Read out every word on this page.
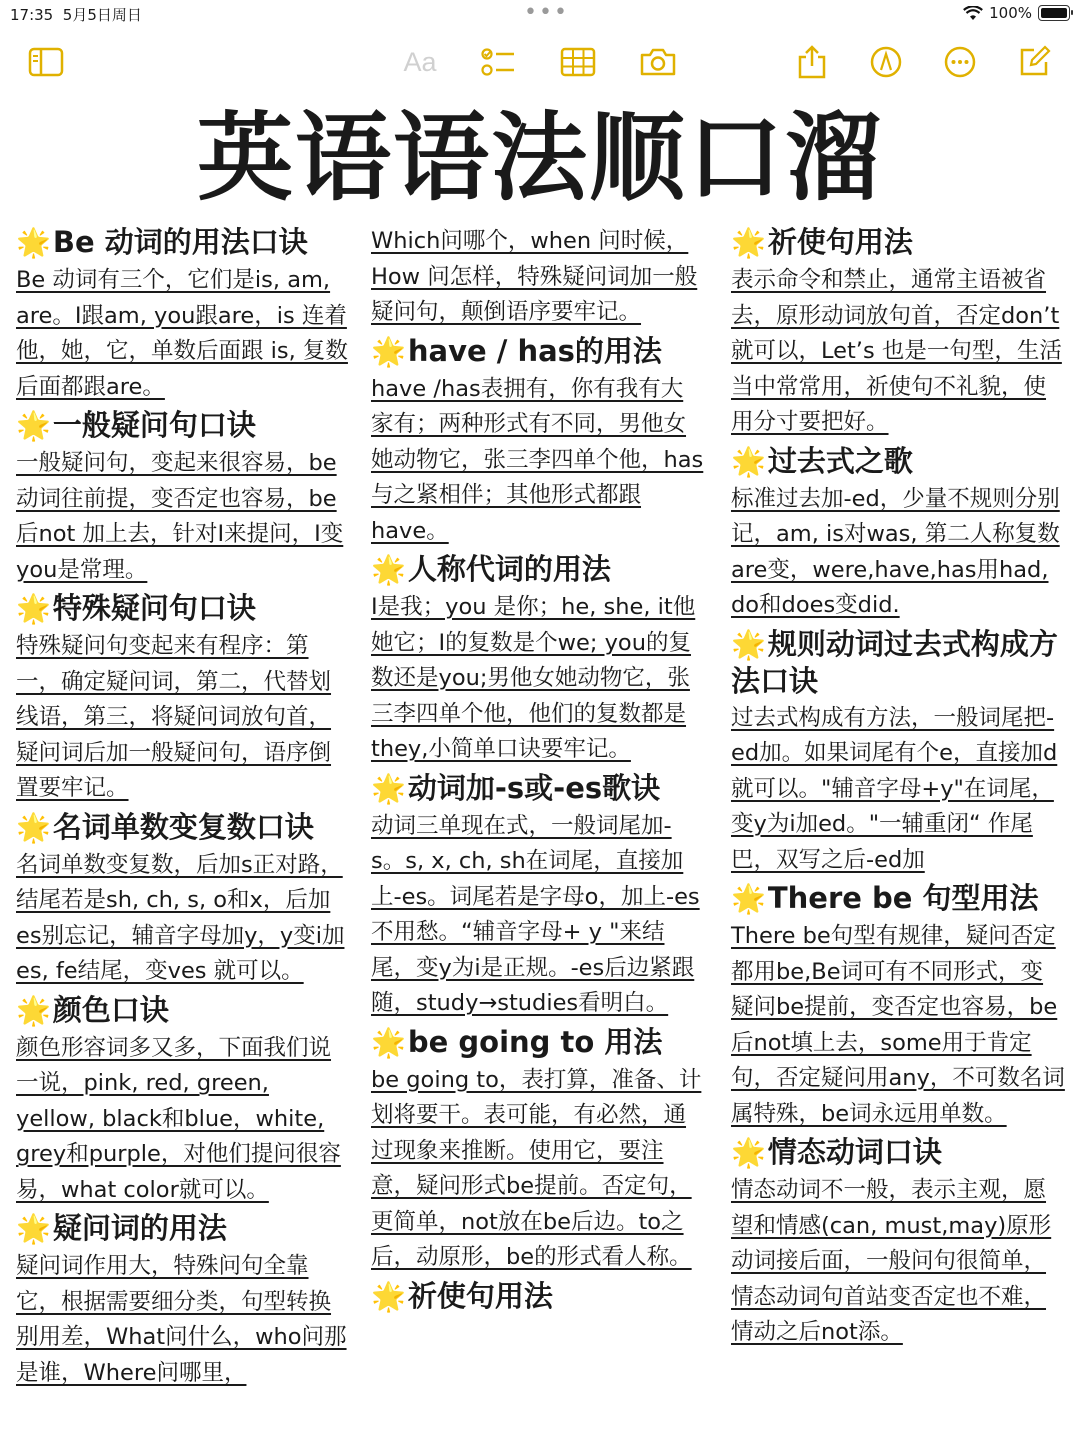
17:35 5月5日周日	•••	100%
Aa
英语语法顺口溜
🌟Be 动词的用法口诀
Be 动词有三个，它们是is, am, are。I跟am, you跟are，is 连着他，她，它，单数后面跟 is, 复数后面都跟are。
🌟一般疑问句口诀
一般疑问句，变起来很容易，be 动词往前提，变否定也容易，be 后not 加上去，针对I来提问，I变 you是常理。
🌟特殊疑问句口诀
特殊疑问句变起来有程序：第一，确定疑问词，第二，代替划线语，第三，将疑问词放句首，疑问词后加一般疑问句，语序倒置要牢记。
🌟名词单数变复数口诀
名词单数变复数，后加s正对路，结尾若是sh, ch, s, o和x，后加es别忘记，辅音字母加y，y变i加es, fe结尾，变ves 就可以。
🌟颜色口诀
颜色形容词多又多，下面我们说一说，pink, red, green, yellow, black和blue，white, grey和purple，对他们提问很容易，what color就可以。
🌟疑问词的用法
疑问词作用大，特殊问句全靠它，根据需要细分类，句型转换别用差，What问什么，who问那是谁，Where问哪里，
Which问哪个，when 问时候，How 问怎样，特殊疑问词加一般疑问句，颠倒语序要牢记。
🌟have / has的用法
have /has表拥有，你有我有大家有；两种形式有不同，男他女她动物它，张三李四单个他，has与之紧相伴；其他形式都跟have。
🌟人称代词的用法
I是我；you 是你；he, she, it他她它；I的复数是个we; you的复数还是you;男他女她动物它，张三李四单个他，他们的复数都是they,小简单口诀要牢记。
🌟动词加-s或-es歌诀
动词三单现在式，一般词尾加-s。s, x, ch, sh在词尾，直接加上-es。词尾若是字母o，加上-es不用愁。“辅音字母+ y "来结尾，变y为i是正规。-es后边紧跟随，study→studies看明白。
🌟be going to 用法
be going to，表打算，准备、计划将要干。表可能，有必然，通过现象来推断。使用它，要注意，疑问形式be提前。否定句，更简单，not放在be后边。to之后，动原形，be的形式看人称。
🌟祈使句用法
🌟祈使句用法
表示命令和禁止，通常主语被省去，原形动词放句首，否定don’t就可以，Let’s 也是一句型，生活当中常常用，祈使句不礼貌，使用分寸要把好。
🌟过去式之歌
标准过去加-ed，少量不规则分别记，am, is对was, 第二人称复数are变，were,have,has用had, do和does变did.
🌟规则动词过去式构成方法口诀
过去式构成有方法，一般词尾把-ed加。如果词尾有个e，直接加d就可以。"辅音字母+y"在词尾，变y为i加ed。"一辅重闭“ 作尾巴，双写之后-ed加
🌟There be 句型用法
There be句型有规律，疑问否定都用be,Be词可有不同形式，变疑问be提前，变否定也容易，be后not填上去，some用于肯定句，否定疑问用any，不可数名词属特殊，be词永远用单数。
🌟情态动词口诀
情态动词不一般，表示主观，愿望和情感(can, must,may)原形动词接后面，一般问句很简单，情态动词句首站变否定也不难，情动之后not添。
